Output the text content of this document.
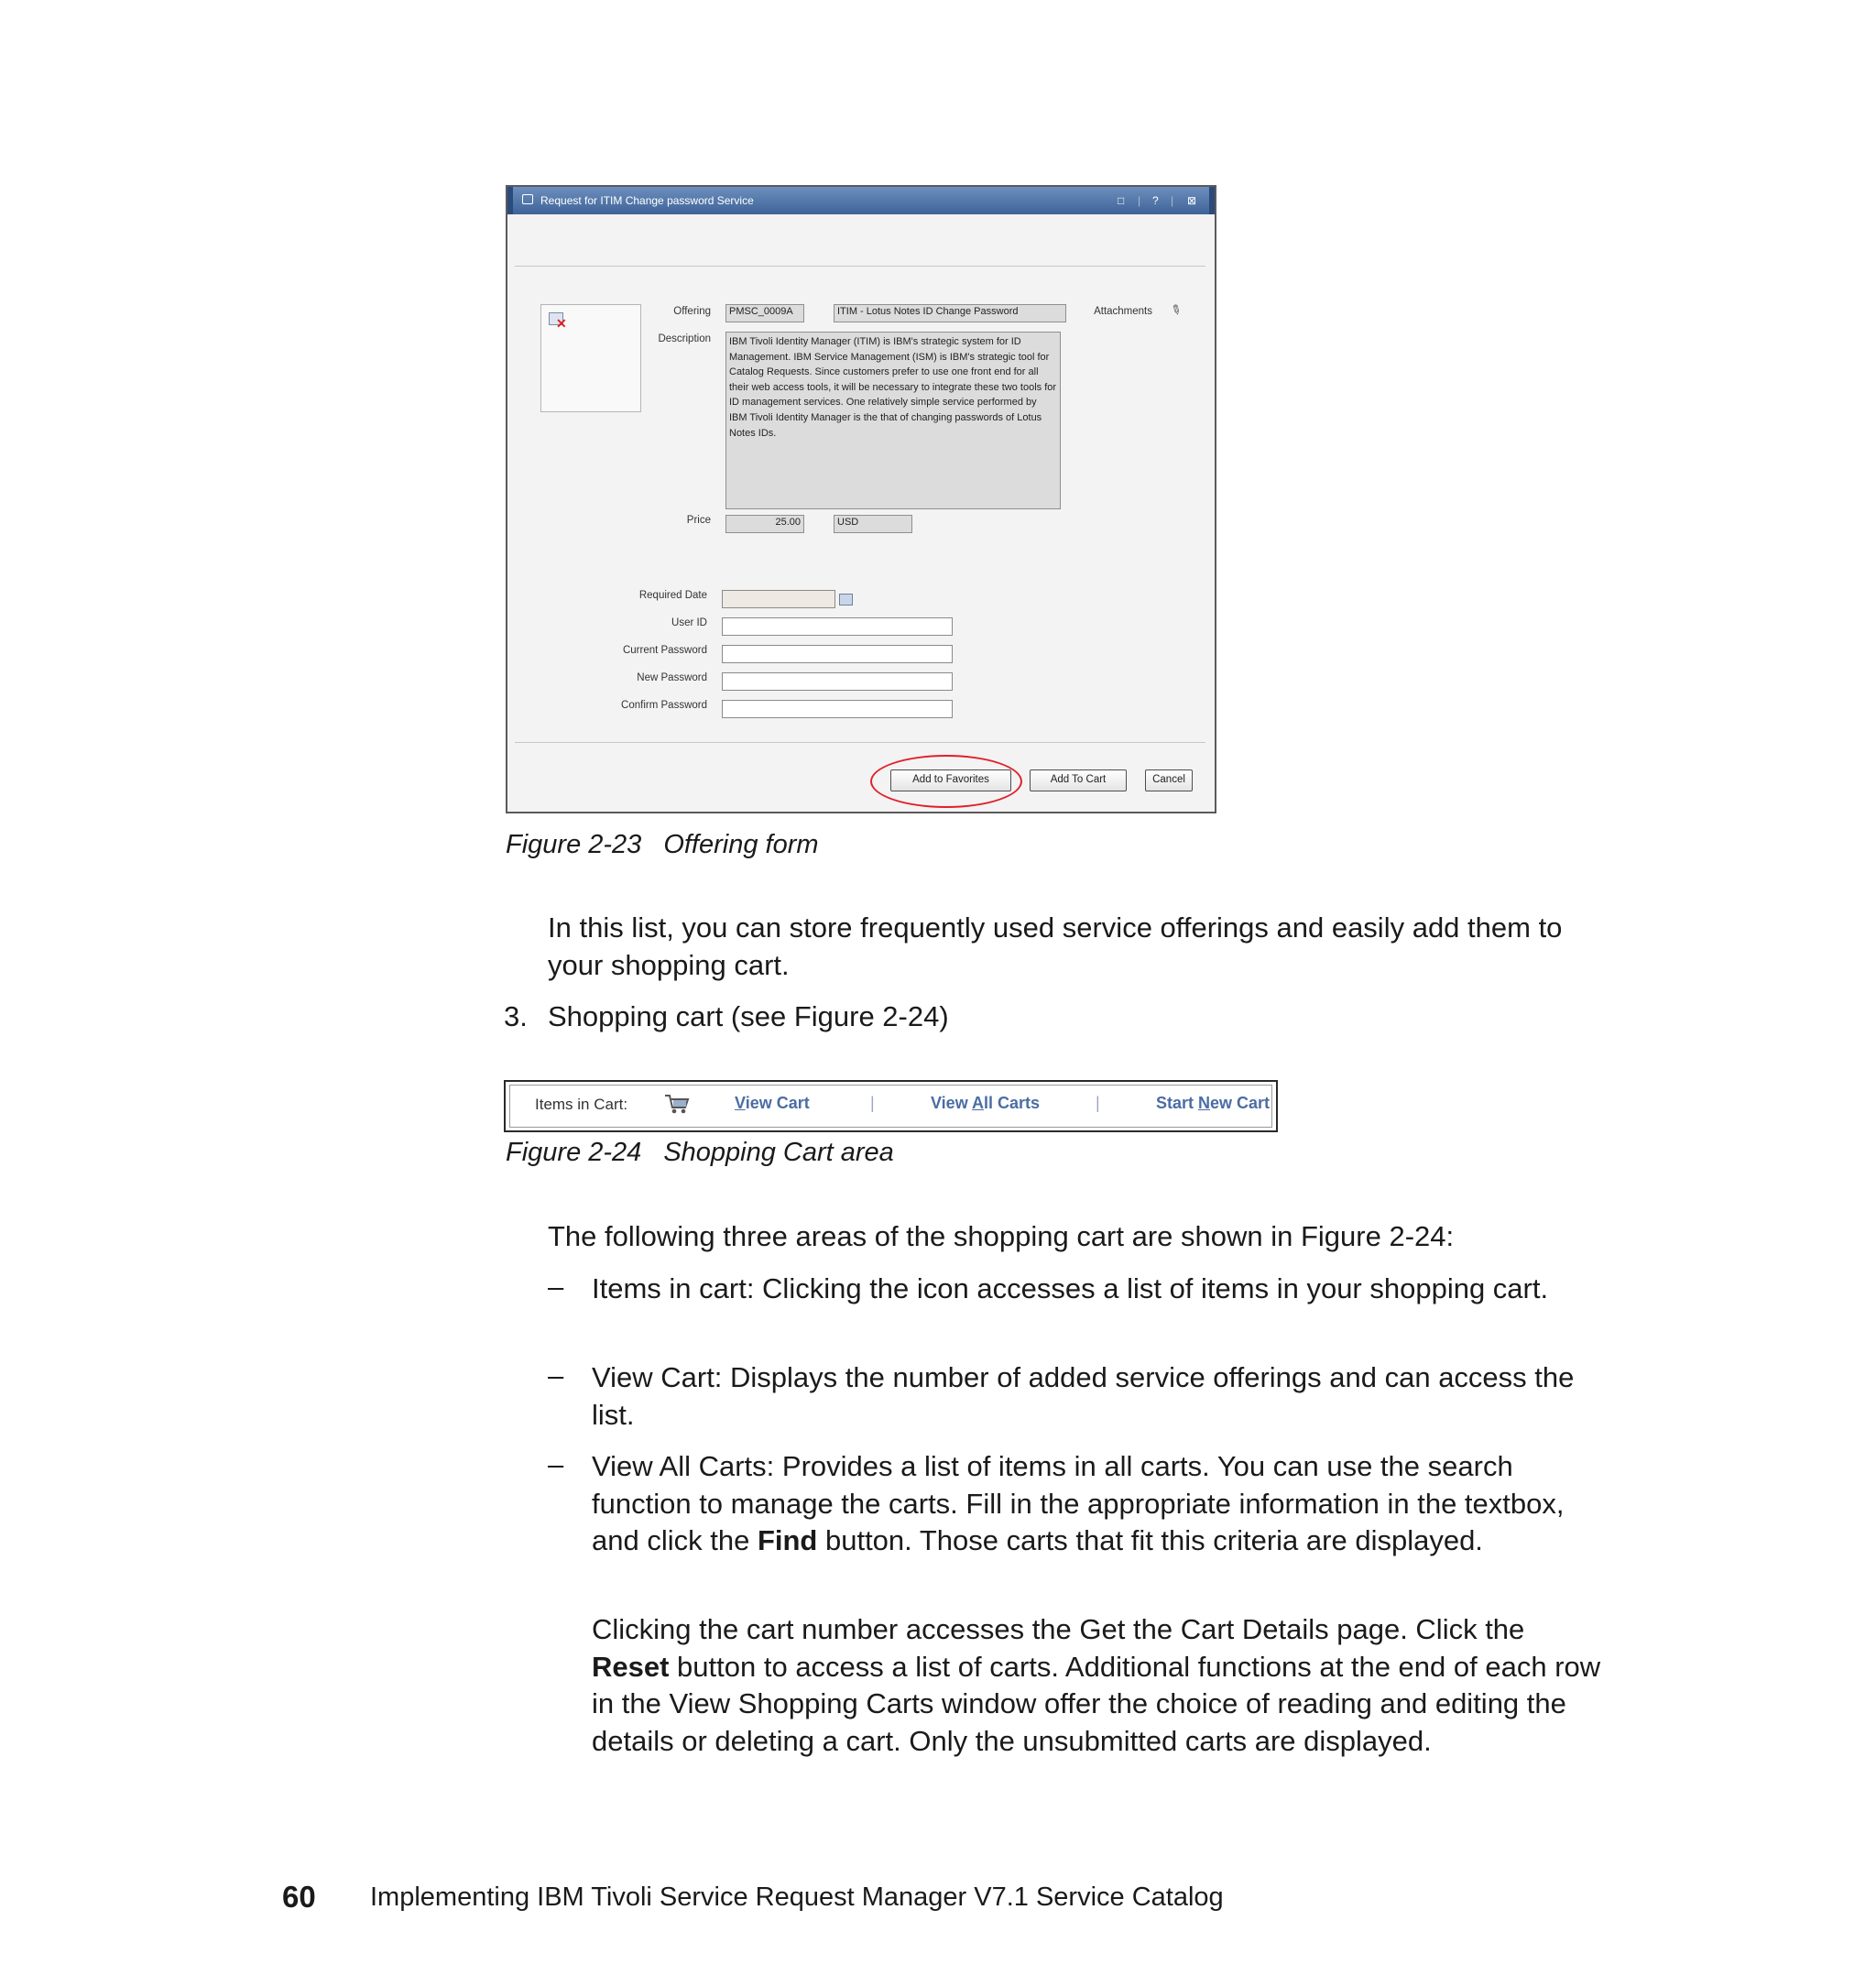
Request for ITIM Change password Service	□ | ? | ⊠
✕
Offering	PMSC_0009A	ITIM - Lotus Notes ID Change Password	Attachments ✎
Description	IBM Tivoli Identity Manager (ITIM) is IBM's strategic system for ID Management. IBM Service Management (ISM) is IBM's strategic tool for Catalog Requests. Since customers prefer to use one front end for all their web access tools, it will be necessary to integrate these two tools for ID management services. One relatively simple service performed by IBM Tivoli Identity Manager is the that of changing passwords of Lotus Notes IDs.
Price	25.00	USD
Required Date
User ID
Current Password
New Password
Confirm Password
Add to Favorites	Add To Cart	Cancel
Figure 2-23 Offering form
In this list, you can store frequently used service offerings and easily add them to your shopping cart.
3. Shopping cart (see Figure 2-24)
Items in Cart:	View Cart	|	View All Carts	|	Start New Cart
Figure 2-24 Shopping Cart area
The following three areas of the shopping cart are shown in Figure 2-24:
– Items in cart: Clicking the icon accesses a list of items in your shopping cart.
– View Cart: Displays the number of added service offerings and can access the list.
– View All Carts: Provides a list of items in all carts. You can use the search function to manage the carts. Fill in the appropriate information in the textbox, and click the Find button. Those carts that fit this criteria are displayed.
Clicking the cart number accesses the Get the Cart Details page. Click the Reset button to access a list of carts. Additional functions at the end of each row in the View Shopping Carts window offer the choice of reading and editing the details or deleting a cart. Only the unsubmitted carts are displayed.
60 Implementing IBM Tivoli Service Request Manager V7.1 Service Catalog
